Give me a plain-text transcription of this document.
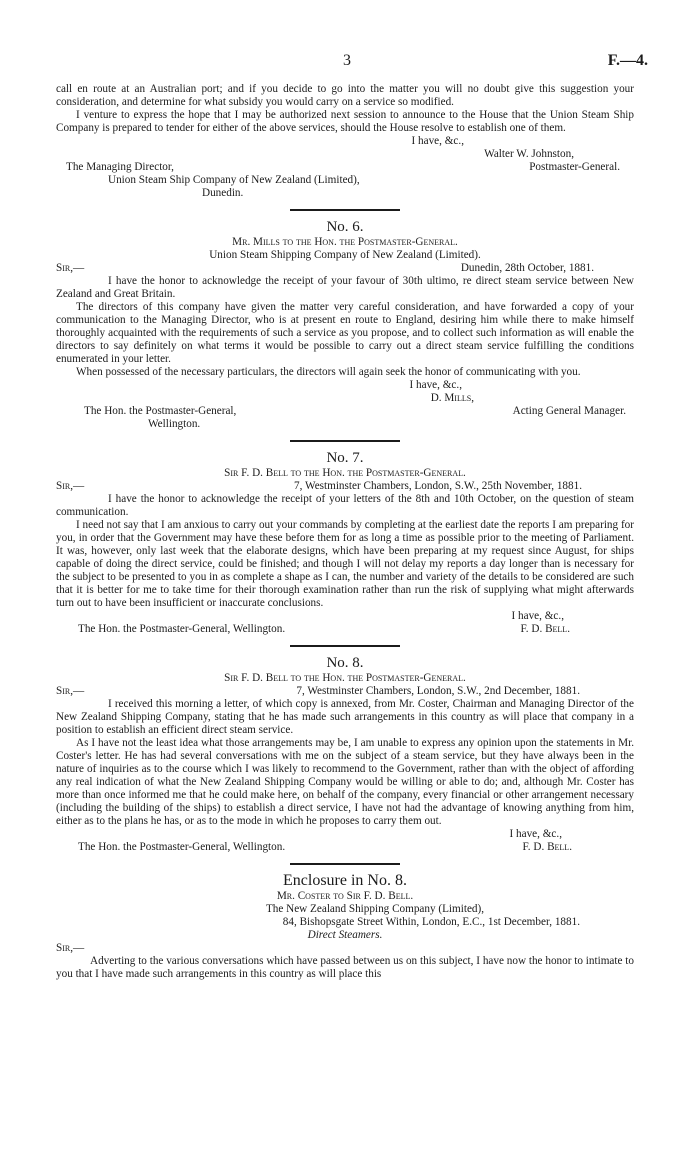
3	F.—4.

call en route at an Australian port; and if you decide to go into the matter you will no doubt give this suggestion your consideration, and determine for what subsidy you would carry on a service so modified.

I venture to express the hope that I may be authorized next session to announce to the House that the Union Steam Ship Company is prepared to tender for either of the above services, should the House resolve to establish one of them.

I have, &c.,
Walter W. Johnston,
The Managing Director,	Postmaster-General.
Union Steam Ship Company of New Zealand (Limited),
Dunedin.
No. 6.
Mr. Mills to the Hon. the Postmaster-General.
Union Steam Shipping Company of New Zealand (Limited).
Sir,—	Dunedin, 28th October, 1881.

I have the honor to acknowledge the receipt of your favour of 30th ultimo, re direct steam service between New Zealand and Great Britain.

The directors of this company have given the matter very careful consideration, and have forwarded a copy of your communication to the Managing Director, who is at present en route to England, desiring him while there to make himself thoroughly acquainted with the requirements of such a service as you propose, and to collect such information as will enable the directors to say definitely on what terms it would be possible to carry out a direct steam service fulfilling the conditions enumerated in your letter.

When possessed of the necessary particulars, the directors will again seek the honor of communicating with you.

I have, &c.,
D. Mills,
The Hon. the Postmaster-General,	Acting General Manager.
Wellington.
No. 7.
Sir F. D. Bell to the Hon. the Postmaster-General.
Sir,—	7, Westminster Chambers, London, S.W., 25th November, 1881.

I have the honor to acknowledge the receipt of your letters of the 8th and 10th October, on the question of steam communication.

I need not say that I am anxious to carry out your commands by completing at the earliest date the reports I am preparing for you, in order that the Government may have these before them for as long a time as possible prior to the meeting of Parliament. It was, however, only last week that the elaborate designs, which have been preparing at my request since August, for ships capable of doing the direct service, could be finished; and though I will not delay my reports a day longer than is necessary for the subject to be presented to you in as complete a shape as I can, the number and variety of the details to be considered are such that it is better for me to take time for their thorough examination rather than run the risk of supplying what might afterwards turn out to have been insufficient or inaccurate conclusions.

I have, &c.,
The Hon. the Postmaster-General, Wellington.	F. D. Bell.
No. 8.
Sir F. D. Bell to the Hon. the Postmaster-General.
Sir,—	7, Westminster Chambers, London, S.W., 2nd December, 1881.

I received this morning a letter, of which copy is annexed, from Mr. Coster, Chairman and Managing Director of the New Zealand Shipping Company, stating that he has made such arrangements in this country as will place that company in a position to establish an efficient direct steam service.

As I have not the least idea what those arrangements may be, I am unable to express any opinion upon the statements in Mr. Coster's letter. He has had several conversations with me on the subject of a steam service, but they have always been in the nature of inquiries as to the course which I was likely to recommend to the Government, rather than with the object of affording any real indication of what the New Zealand Shipping Company would be willing or able to do; and, although Mr. Coster has more than once informed me that he could make here, on behalf of the company, every financial or other arrangement necessary (including the building of the ships) to establish a direct service, I have not had the advantage of knowing anything from him, either as to the plans he has, or as to the mode in which he proposes to carry them out.

I have, &c.,
The Hon. the Postmaster-General, Wellington.	F. D. Bell.
Enclosure in No. 8.
Mr. Coster to Sir F. D. Bell.
The New Zealand Shipping Company (Limited),
84, Bishopsgate Street Within, London, E.C., 1st December, 1881.
Direct Steamers.
Sir,—

Adverting to the various conversations which have passed between us on this subject, I have now the honor to intimate to you that I have made such arrangements in this country as will place this
